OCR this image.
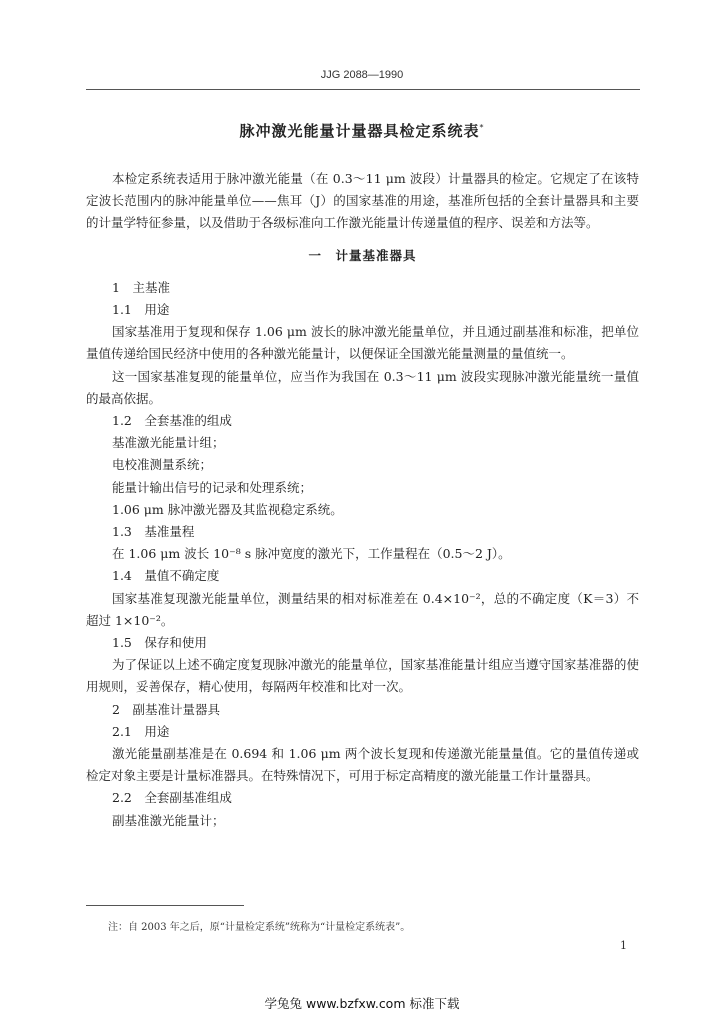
JJG 2088—1990
脉冲激光能量计量器具检定系统表*

本检定系统表适用于脉冲激光能量（在 0.3～11 μm 波段）计量器具的检定。它规定了在该特定波长范围内的脉冲能量单位——焦耳（J）的国家基准的用途，基准所包括的全套计量器具和主要的计量学特征参量，以及借助于各级标准向工作激光能量计传递量值的程序、误差和方法等。

一　计量基准器具

1　主基准

1.1　用途

国家基准用于复现和保存 1.06 μm 波长的脉冲激光能量单位，并且通过副基准和标准，把单位量值传递给国民经济中使用的各种激光能量计，以便保证全国激光能量测量的量值统一。

这一国家基准复现的能量单位，应当作为我国在 0.3～11 μm 波段实现脉冲激光能量统一量值的最高依据。

1.2　全套基准的组成

基准激光能量计组；

电校准测量系统；

能量计输出信号的记录和处理系统；

1.06 μm 脉冲激光器及其监视稳定系统。

1.3　基准量程

在 1.06 μm 波长 10⁻⁸ s 脉冲宽度的激光下，工作量程在（0.5～2 J）。

1.4　量值不确定度

国家基准复现激光能量单位，测量结果的相对标准差在 0.4×10⁻²，总的不确定度（K＝3）不超过 1×10⁻²。

1.5　保存和使用

为了保证以上述不确定度复现脉冲激光的能量单位，国家基准能量计组应当遵守国家基准器的使用规则，妥善保存，精心使用，每隔两年校准和比对一次。

2　副基准计量器具

2.1　用途

激光能量副基准是在 0.694 和 1.06 μm 两个波长复现和传递激光能量量值。它的量值传递或检定对象主要是计量标准器具。在特殊情况下，可用于标定高精度的激光能量工作计量器具。

2.2　全套副基准组成

副基准激光能量计；

注：自 2003 年之后，原“计量检定系统”统称为“计量检定系统表”。
1
学兔兔 www.bzfxw.com 标准下载
